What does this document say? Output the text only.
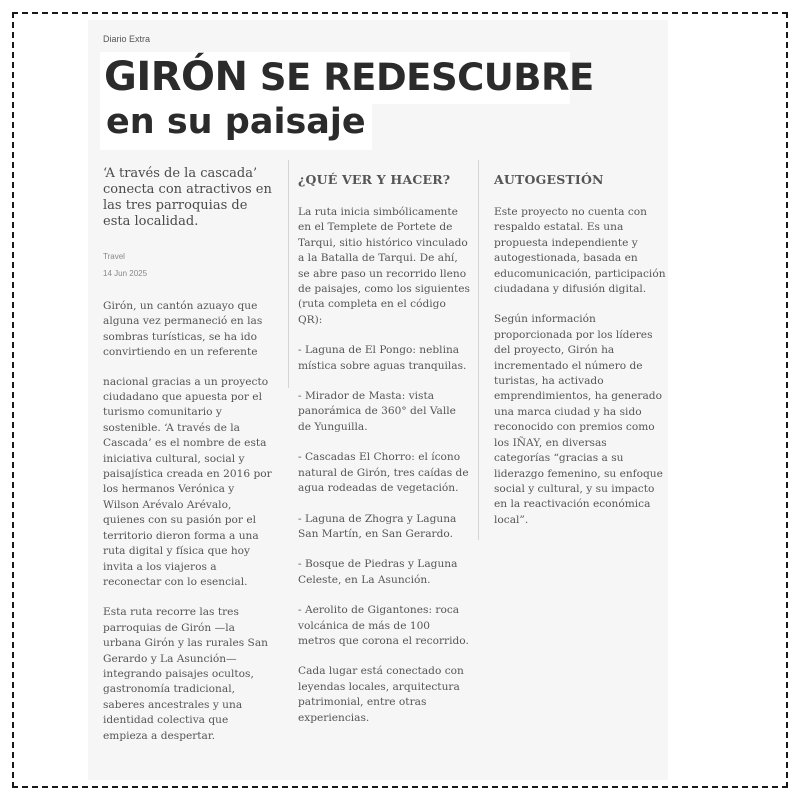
Diario Extra
GIRÓN SE REDESCUBRE
en su paisaje

‘A través de la cascada’ conecta con atractivos en las tres parroquias de esta localidad.

Travel

14 Jun 2025

Girón, un cantón azuayo que alguna vez permaneció en las sombras turísticas, se ha ido convirtiendo en un referente

nacional gracias a un proyecto ciudadano que apuesta por el turismo comunitario y sostenible. ‘A través de la Cascada’ es el nombre de esta iniciativa cultural, social y paisajística creada en 2016 por los hermanos Verónica y Wilson Arévalo Arévalo, quienes con su pasión por el territorio dieron forma a una ruta digital y física que hoy invita a los viajeros a reconectar con lo esencial.

Esta ruta recorre las tres parroquias de Girón —la urbana Girón y las rurales San Gerardo y La Asunción— integrando paisajes ocultos, gastronomía tradicional, saberes ancestrales y una identidad colectiva que empieza a despertar.

¿QUÉ VER Y HACER?

La ruta inicia simbólicamente en el Templete de Portete de Tarqui, sitio histórico vinculado a la Batalla de Tarqui. De ahí, se abre paso un recorrido lleno de paisajes, como los siguientes (ruta completa en el código QR):

- Laguna de El Pongo: neblina mística sobre aguas tranquilas.

- Mirador de Masta: vista panorámica de 360° del Valle de Yunguilla.

- Cascadas El Chorro: el ícono natural de Girón, tres caídas de agua rodeadas de vegetación.

- Laguna de Zhogra y Laguna San Martín, en San Gerardo.

- Bosque de Piedras y Laguna Celeste, en La Asunción.

- Aerolito de Gigantones: roca volcánica de más de 100 metros que corona el recorrido.

Cada lugar está conectado con leyendas locales, arquitectura patrimonial, entre otras experiencias.

AUTOGESTIÓN

Este proyecto no cuenta con respaldo estatal. Es una propuesta independiente y autogestionada, basada en educomunicación, participación ciudadana y difusión digital.

Según información proporcionada por los líderes del proyecto, Girón ha incrementado el número de turistas, ha activado emprendimientos, ha generado una marca ciudad y ha sido reconocido con premios como los IÑAY, en diversas categorías “gracias a su liderazgo femenino, su enfoque social y cultural, y su impacto en la reactivación económica local”.
